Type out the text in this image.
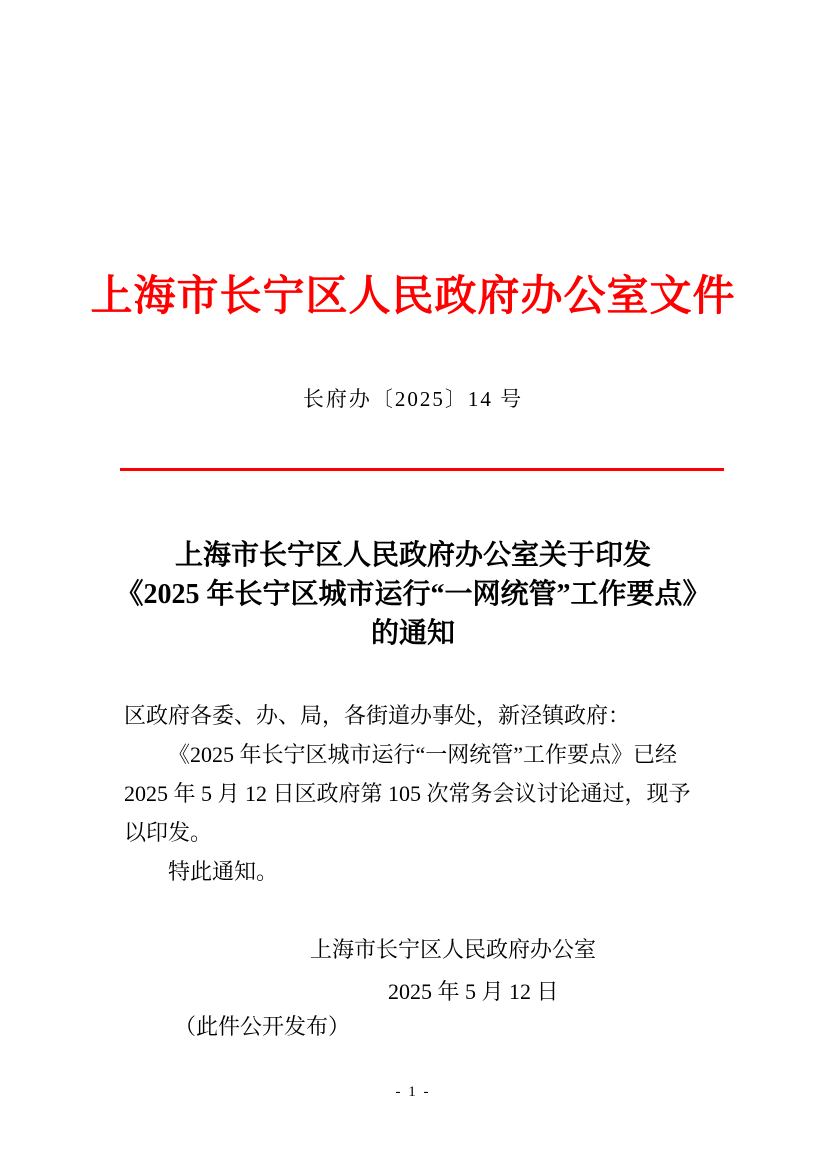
上海市长宁区人民政府办公室文件
长府办〔2025〕14 号
上海市长宁区人民政府办公室关于印发
《2025 年长宁区城市运行“一网统管”工作要点》
的通知
区政府各委、办、局，各街道办事处，新泾镇政府：
《2025 年长宁区城市运行“一网统管”工作要点》已经
2025 年 5 月 12 日区政府第 105 次常务会议讨论通过，现予
以印发。
特此通知。
上海市长宁区人民政府办公室
2025 年 5 月 12 日
（此件公开发布）
- 1 -
